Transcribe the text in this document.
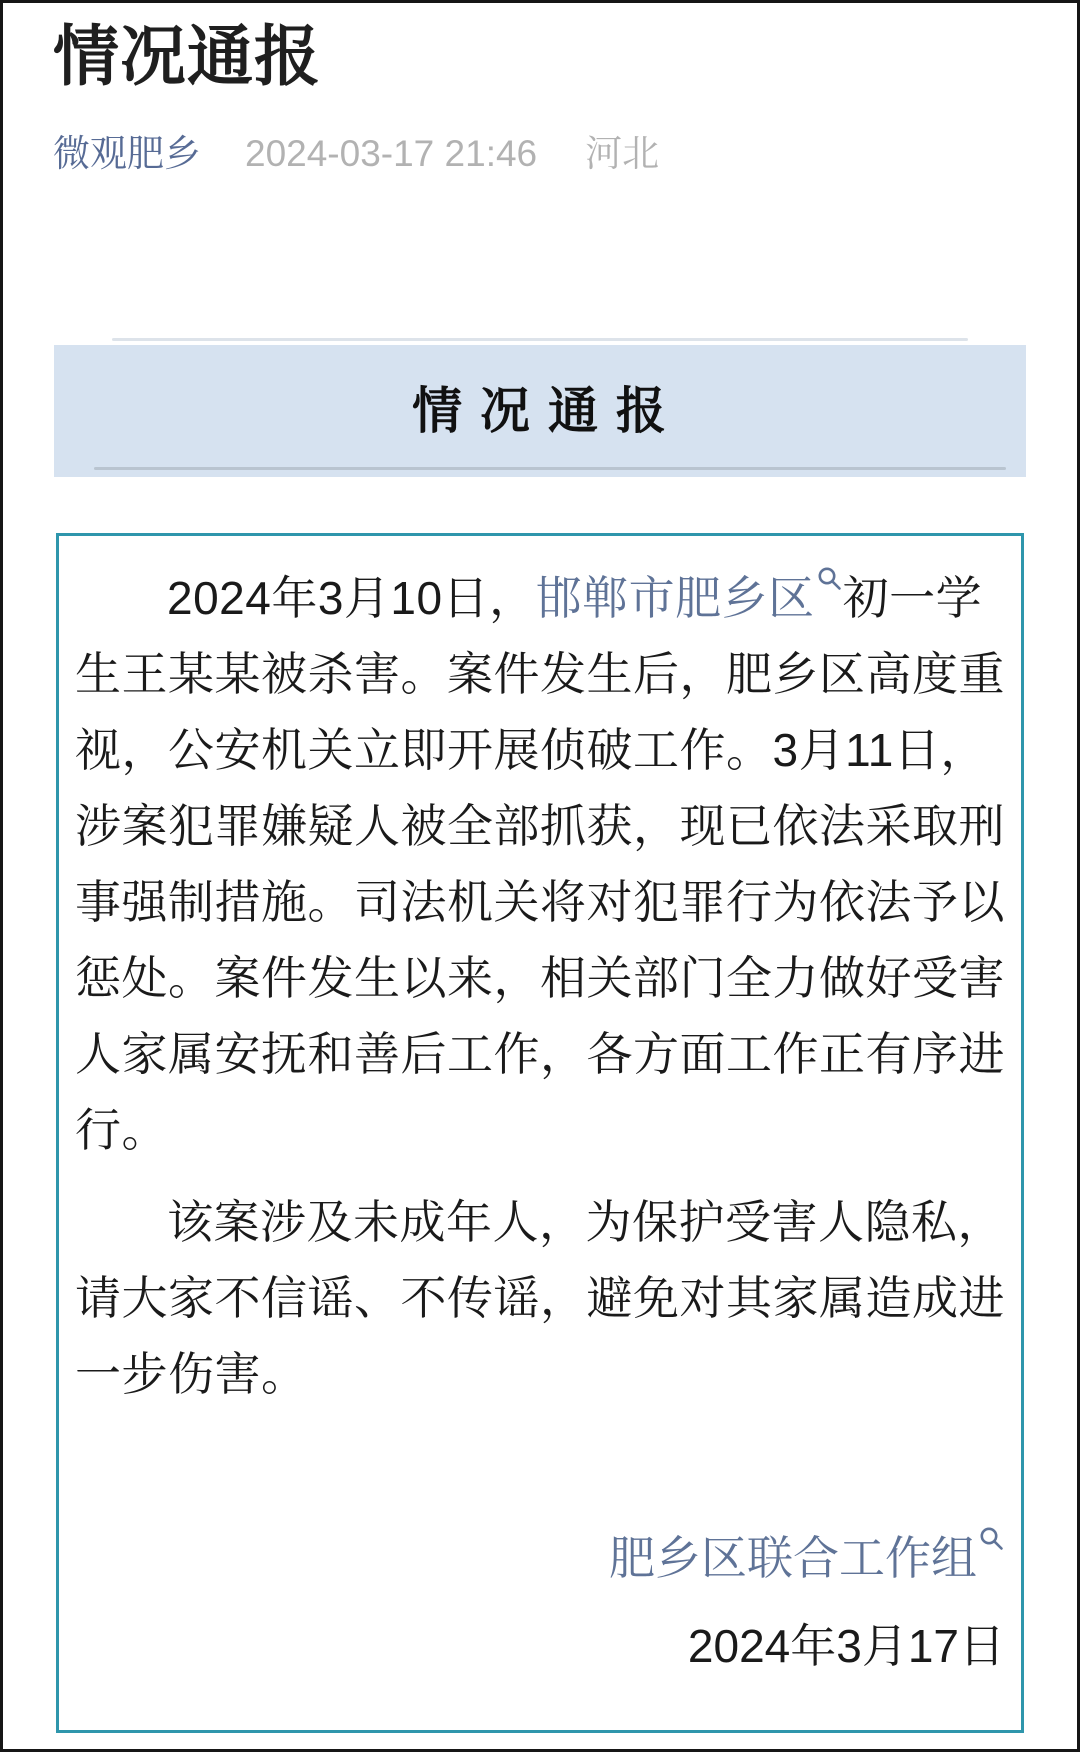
情况通报
微观肥乡 2024-03-17 21:46 河北
情 况 通 报

2024年3月10日，邯郸市肥乡区 初一学生王某某被杀害。案件发生后，肥乡区高度重视，公安机关立即开展侦破工作。3月11日，涉案犯罪嫌疑人被全部抓获，现已依法采取刑事强制措施。司法机关将对犯罪行为依法予以惩处。案件发生以来，相关部门全力做好受害人家属安抚和善后工作，各方面工作正有序进行。

该案涉及未成年人，为保护受害人隐私，请大家不信谣、不传谣，避免对其家属造成进一步伤害。

肥乡区联合工作组

2024年3月17日
